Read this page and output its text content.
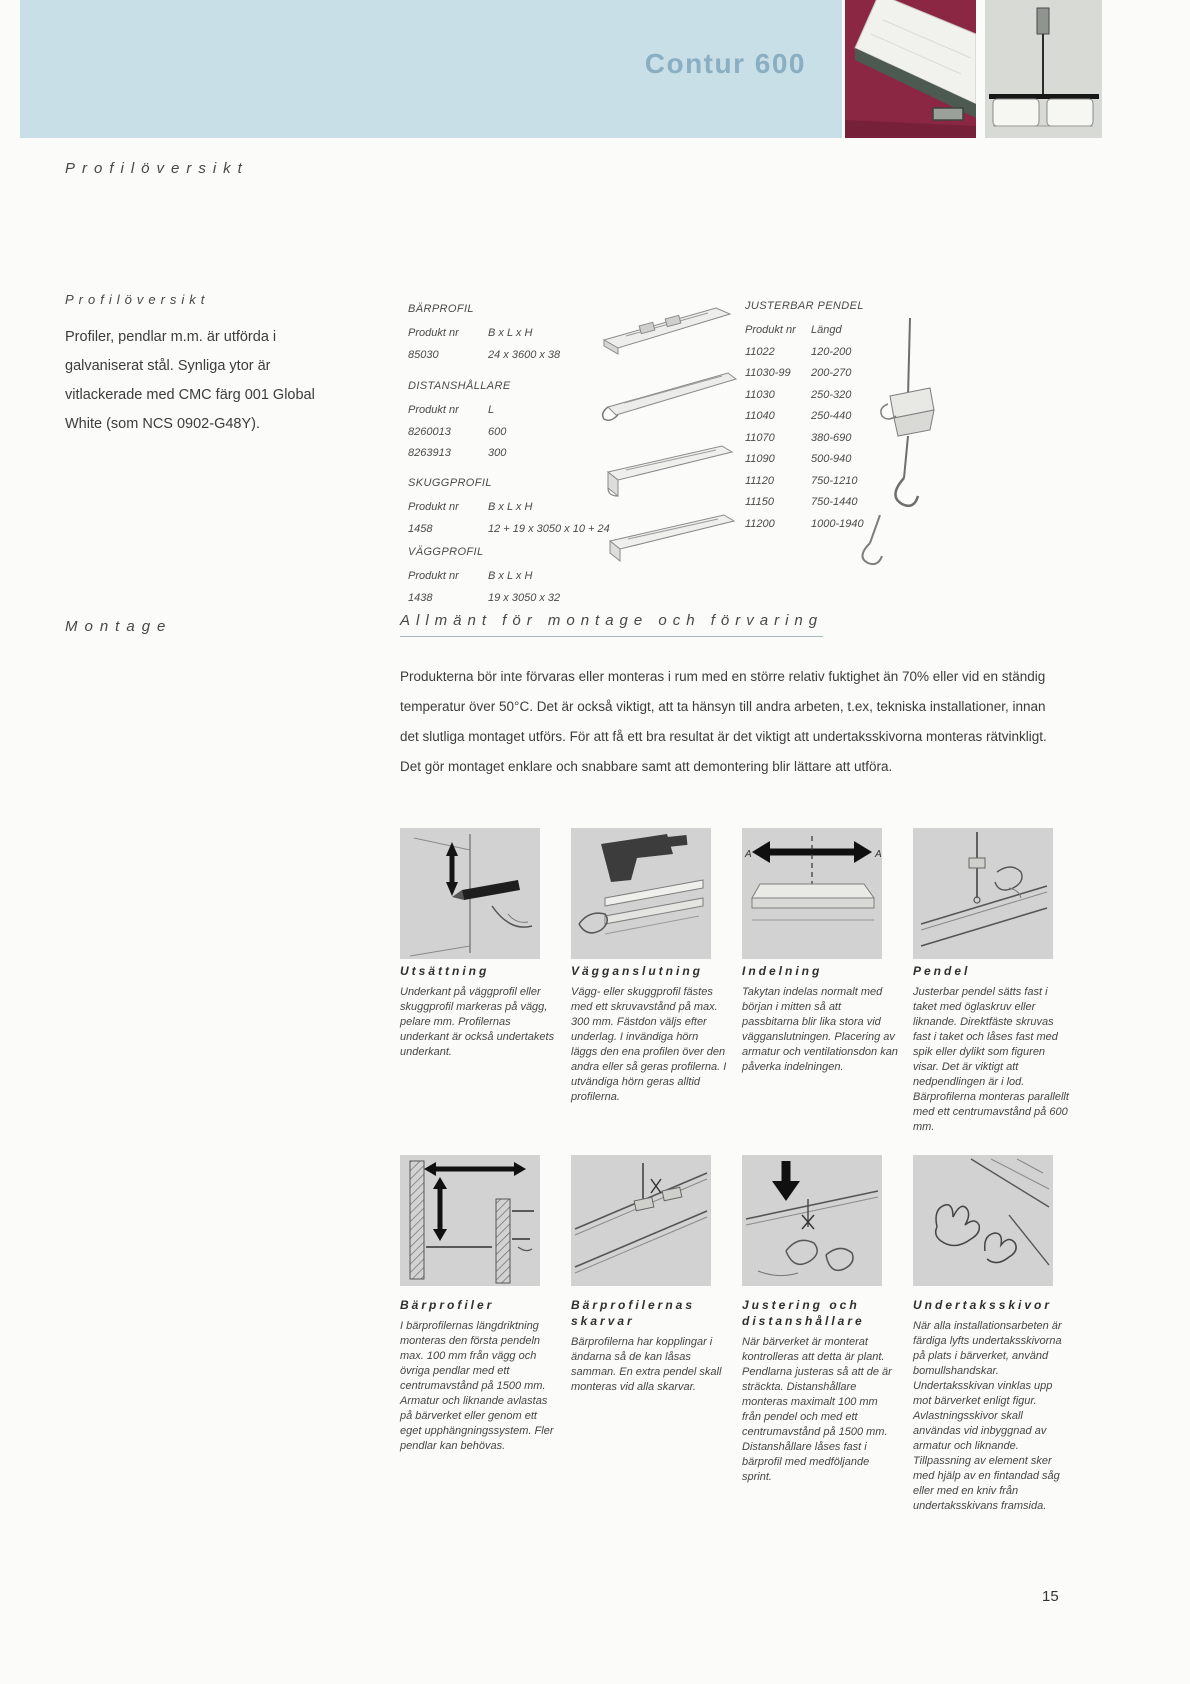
Contur 600
Profilöversikt
Profilöversikt

Profiler, pendlar m.m. är utförda i galvaniserat stål. Synliga ytor är vitlackerade med CMC färg 001 Global White (som NCS 0902-G48Y).

BÄRPROFIL
Produkt nr	B x L x H
85030	24 x 3600 x 38
DISTANSHÅLLARE
Produkt nr	L
8260013	600
8263913	300
SKUGGPROFIL
Produkt nr	B x L x H
1458	12 + 19 x 3050 x 10 + 24
VÄGGPROFIL
Produkt nr	B x L x H
1438	19 x 3050 x 32
JUSTERBAR PENDEL
Produkt nr	Längd
11022	120-200
11030-99	200-270
11030	250-320
11040	250-440
11070	380-690
11090	500-940
11120	750-1210
11150	750-1440
11200	1000-1940
Montage	Allmänt för montage och förvaring

Produkterna bör inte förvaras eller monteras i rum med en större relativ fuktighet än 70% eller vid en ständig temperatur över 50°C. Det är också viktigt, att ta hänsyn till andra arbeten, t.ex, tekniska installationer, innan det slutliga montaget utförs. För att få ett bra resultat är det viktigt att undertaksskivorna monteras rätvinkligt. Det gör montaget enklare och snabbare samt att demontering blir lättare att utföra.

A	A
Utsättning

Underkant på väggprofil eller skuggprofil markeras på vägg, pelare mm. Profilernas underkant är också undertakets underkant.

Vägganslutning

Vägg- eller skuggprofil fästes med ett skruvavstånd på max. 300 mm. Fästdon väljs efter underlag. I invändiga hörn läggs den ena profilen över den andra eller så geras profilerna. I utvändiga hörn geras alltid profilerna.

Indelning

Takytan indelas normalt med början i mitten så att passbitarna blir lika stora vid vägganslutningen. Placering av armatur och ventilationsdon kan påverka indelningen.

Pendel

Justerbar pendel sätts fast i taket med öglaskruv eller liknande. Direktfäste skruvas fast i taket och låses fast med spik eller dylikt som figuren visar. Det är viktigt att nedpendlingen är i lod. Bärprofilerna monteras parallellt med ett centrumavstånd på 600 mm.

Bärprofiler

I bärprofilernas längdriktning monteras den första pendeln max. 100 mm från vägg och övriga pendlar med ett centrumavstånd på 1500 mm. Armatur och liknande avlastas på bärverket eller genom ett eget upphängningssystem. Fler pendlar kan behövas.

Bärprofilernas skarvar

Bärprofilerna har kopplingar i ändarna så de kan låsas samman. En extra pendel skall monteras vid alla skarvar.

Justering och distanshållare

När bärverket är monterat kontrolleras att detta är plant. Pendlarna justeras så att de är sträckta. Distanshållare monteras maximalt 100 mm från pendel och med ett centrumavstånd på 1500 mm. Distanshållare låses fast i bärprofil med medföljande sprint.

Undertaksskivor

När alla installationsarbeten är färdiga lyfts undertaksskivorna på plats i bärverket, använd bomullshandskar. Undertaksskivan vinklas upp mot bärverket enligt figur. Avlastningsskivor skall användas vid inbyggnad av armatur och liknande. Tillpassning av element sker med hjälp av en fintandad såg eller med en kniv från undertaksskivans framsida.

15
